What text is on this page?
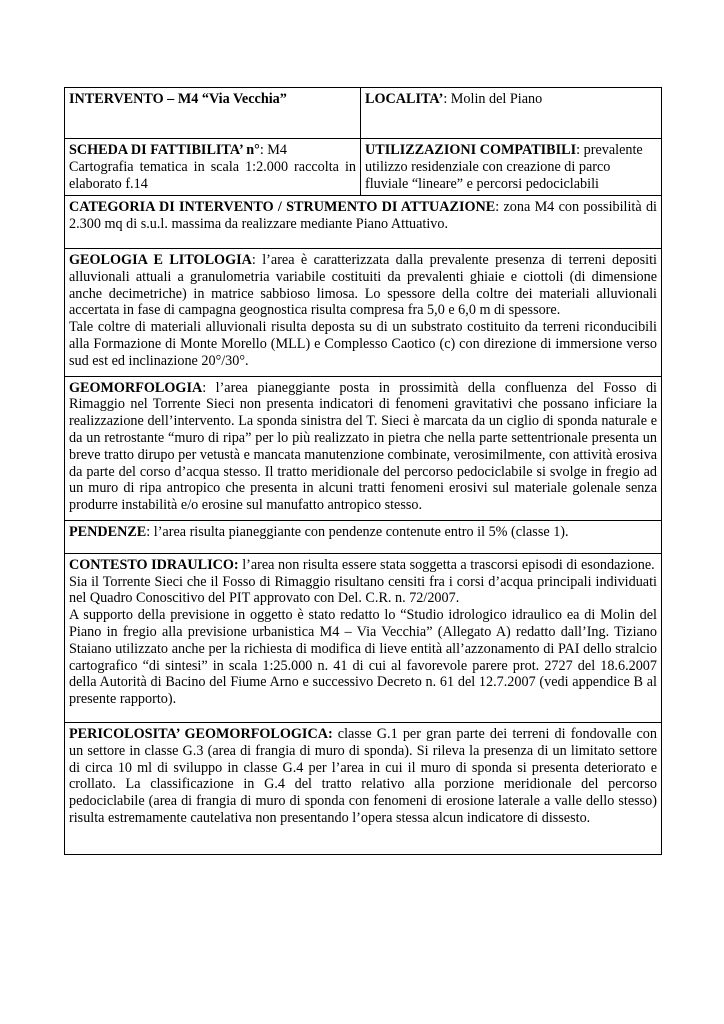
INTERVENTO – M4 “Via Vecchia”	LOCALITA’: Molin del Piano
SCHEDA DI FATTIBILITA’ n°: M4
Cartografia tematica in scala 1:2.000 raccolta in elaborato f.14	UTILIZZAZIONI COMPATIBILI: prevalente utilizzo residenziale con creazione di parco fluviale “lineare” e percorsi pedociclabili
CATEGORIA DI INTERVENTO / STRUMENTO DI ATTUAZIONE: zona M4 con possibilità di 2.300 mq di s.u.l. massima da realizzare mediante Piano Attuativo.	

GEOLOGIA E LITOLOGIA: l’area è caratterizzata dalla prevalente presenza di terreni depositi alluvionali attuali a granulometria variabile costituiti da prevalenti ghiaie e ciottoli (di dimensione anche decimetriche) in matrice sabbioso limosa. Lo spessore della coltre dei materiali alluvionali accertata in fase di campagna geognostica risulta compresa fra 5,0 e 6,0 m di spessore.
Tale coltre di materiali alluvionali risulta deposta su di un substrato costituito da terreni riconducibili alla Formazione di Monte Morello (MLL) e Complesso Caotico (c) con direzione di immersione verso sud est ed inclinazione 20°/30°.	

GEOMORFOLOGIA: l’area pianeggiante posta in prossimità della confluenza del Fosso di Rimaggio nel Torrente Sieci non presenta indicatori di fenomeni gravitativi che possano inficiare la realizzazione dell’intervento. La sponda sinistra del T. Sieci è marcata da un ciglio di sponda naturale e da un retrostante “muro di ripa” per lo più realizzato in pietra che nella parte settentrionale presenta un breve tratto dirupo per vetustà e mancata manutenzione combinate, verosimilmente, con attività erosiva da parte del corso d’acqua stesso. Il tratto meridionale del percorso pedociclabile si svolge in fregio ad un muro di ripa antropico che presenta in alcuni tratti fenomeni erosivi sul materiale golenale senza produrre instabilità e/o erosine sul manufatto antropico stesso.	
PENDENZE: l’area risulta pianeggiante con pendenze contenute entro il 5% (classe 1).	

CONTESTO IDRAULICO: l’area non risulta essere stata soggetta a trascorsi episodi di esondazione.
Sia il Torrente Sieci che il Fosso di Rimaggio risultano censiti fra i corsi d’acqua principali individuati nel Quadro Conoscitivo del PIT approvato con Del. C.R. n. 72/2007.
A supporto della previsione in oggetto è stato redatto lo “Studio idrologico idraulico ea di Molin del Piano in fregio alla previsione urbanistica M4 – Via Vecchia” (Allegato A) redatto dall’Ing. Tiziano Staiano utilizzato anche per la richiesta di modifica di lieve entità all’azzonamento di PAI dello stralcio cartografico “di sintesi” in scala 1:25.000 n. 41 di cui al favorevole parere prot. 2727 del 18.6.2007 della Autorità di Bacino del Fiume Arno e successivo Decreto n. 61 del 12.7.2007 (vedi appendice B al presente rapporto).	

PERICOLOSITA’ GEOMORFOLOGICA: classe G.1 per gran parte dei terreni di fondovalle con un settore in classe G.3 (area di frangia di muro di sponda). Si rileva la presenza di un limitato settore di circa 10 ml di sviluppo in classe G.4 per l’area in cui il muro di sponda si presenta deteriorato e crollato. La classificazione in G.4 del tratto relativo alla porzione meridionale del percorso pedociclabile (area di frangia di muro di sponda con fenomeni di erosione laterale a valle dello stesso) risulta estremamente cautelativa non presentando l’opera stessa alcun indicatore di dissesto.	
